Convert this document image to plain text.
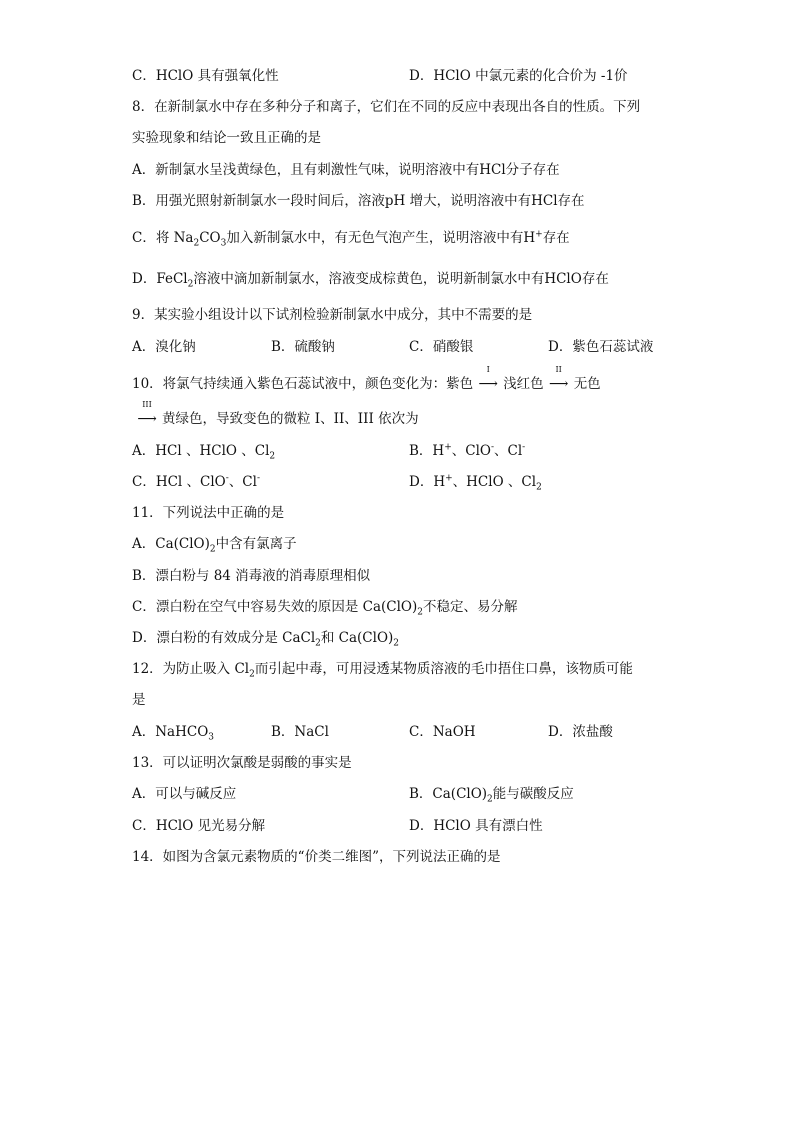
C．HClO 具有强氧化性	D．HClO 中氯元素的化合价为 -1价
8．在新制氯水中存在多种分子和离子，它们在不同的反应中表现出各自的性质。下列
实验现象和结论一致且正确的是
A．新制氯水呈浅黄绿色，且有刺激性气味，说明溶液中有HCl分子存在
B．用强光照射新制氯水一段时间后，溶液pH 增大，说明溶液中有HCl存在
C．将 $Na_2CO_3$加入新制氯水中，有无色气泡产生，说明溶液中有H+存在
D．FeCl$_2$溶液中滴加新制氯水，溶液变成棕黄色，说明新制氯水中有HClO存在
9．某实验小组设计以下试剂检验新制氯水中成分，其中不需要的是
A．溴化钠	B．硫酸钠	C．硝酸银	D．紫色石蕊试液
10．将氯气持续通入紫色石蕊试液中，颜色变化为：紫色
I
⟶ 浅红色
II
⟶ 无色
III
⟶ 黄绿色，导致变色的微粒 I、II、III 依次为
A．HCl 、HClO 、$Cl_2$	B．H+、ClO-、Cl-
C．HCl 、ClO-、Cl-	D．H+、HClO 、$Cl_2$
11．下列说法中正确的是
A．$Ca(ClO)_2$中含有氯离子
B．漂白粉与 84 消毒液的消毒原理相似
C．漂白粉在空气中容易失效的原因是 $Ca(ClO)_2$不稳定、易分解
D．漂白粉的有效成分是 CaCl$_2$和 $Ca(ClO)_2$
12．为防止吸入 $Cl_2$而引起中毒，可用浸透某物质溶液的毛巾捂住口鼻，该物质可能
是
A．NaHCO$_3$	B．NaCl	C．NaOH	D．浓盐酸
13．可以证明次氯酸是弱酸的事实是
A．可以与碱反应	B．$Ca(ClO)_2$能与碳酸反应
C．HClO 见光易分解	D．HClO 具有漂白性
14．如图为含氯元素物质的“价类二维图”，下列说法正确的是
